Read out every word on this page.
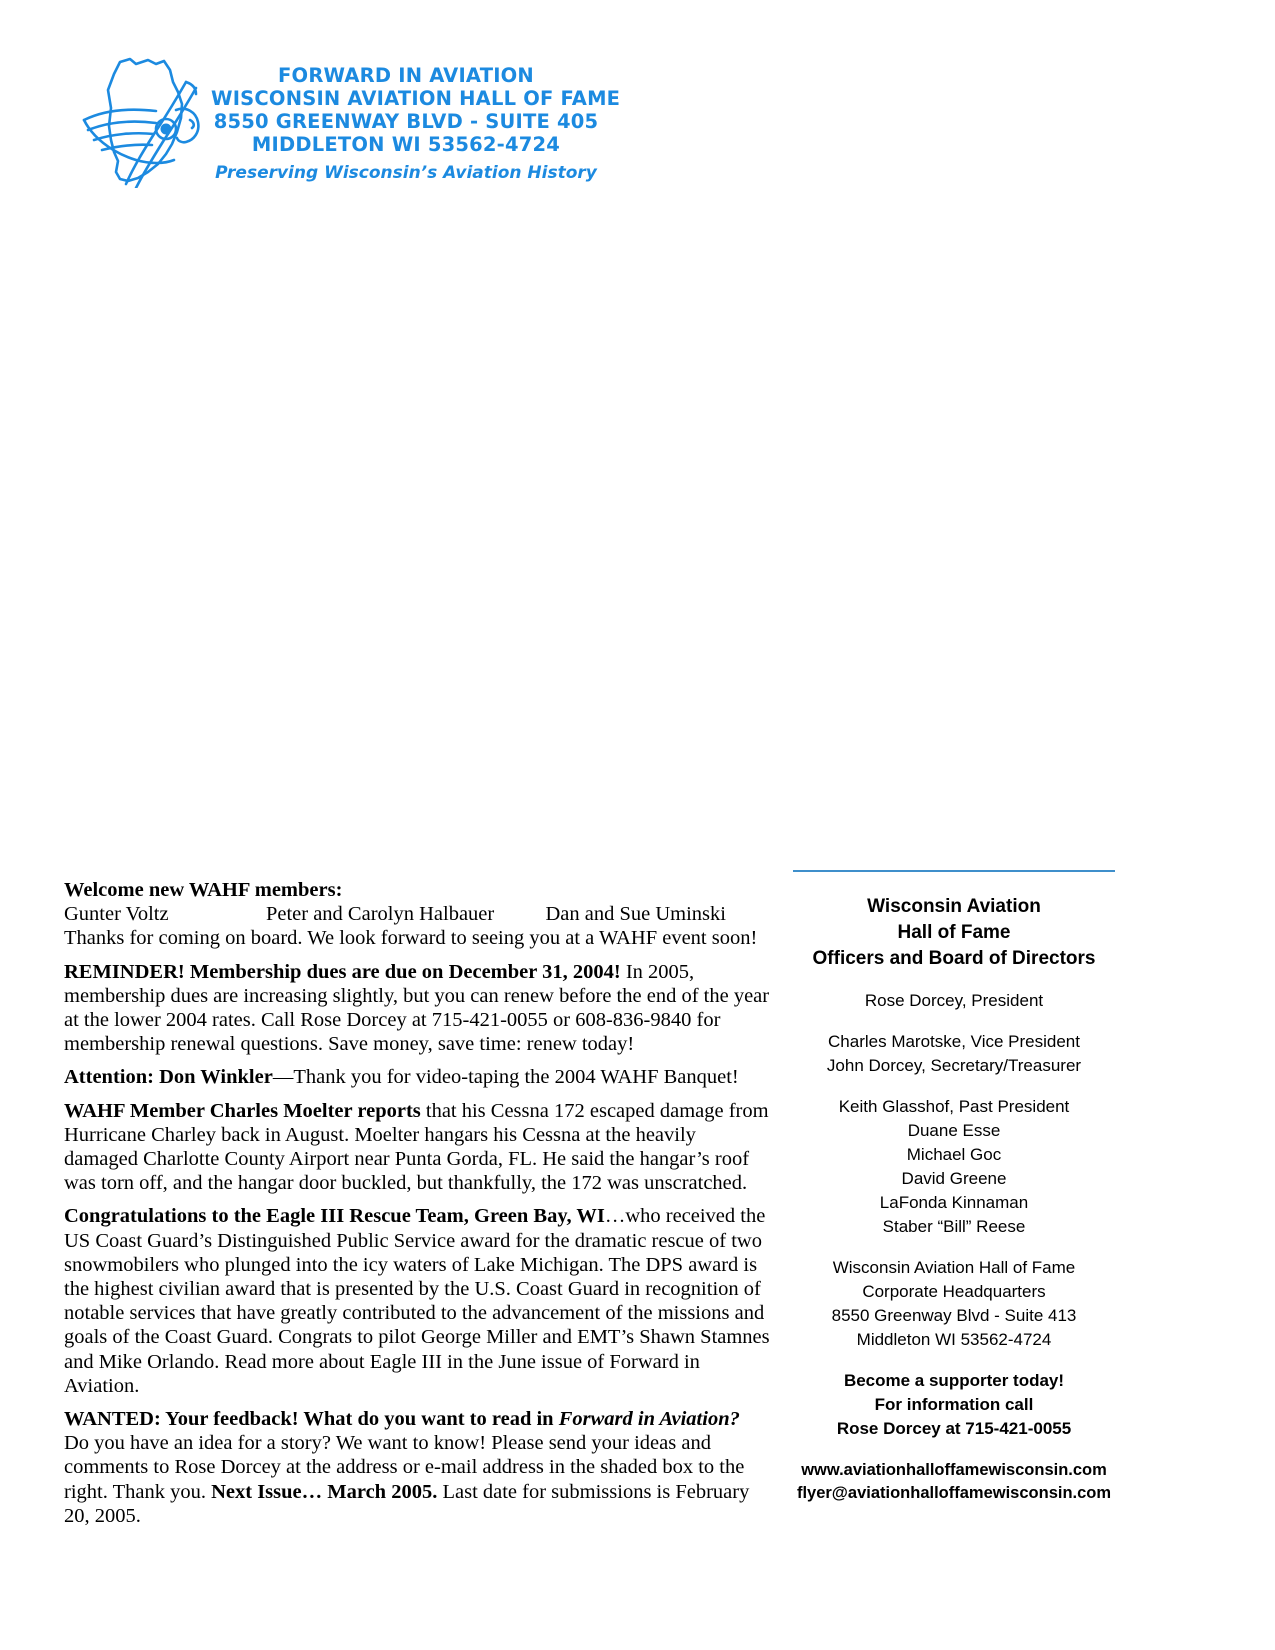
FORWARD IN AVIATION
WISCONSIN AVIATION HALL OF FAME
8550 GREENWAY BLVD - SUITE 405
MIDDLETON WI 53562-4724
Preserving Wisconsin’s Aviation History

Welcome new WAHF members:

Gunter Voltz                   Peter and Carolyn Halbauer          Dan and Sue Uminski

Thanks for coming on board. We look forward to seeing you at a WAHF event soon!

REMINDER! Membership dues are due on December 31, 2004! In 2005, membership dues are increasing slightly, but you can renew before the end of the year at the lower 2004 rates. Call Rose Dorcey at 715-421-0055 or 608-836-9840 for membership renewal questions. Save money, save time: renew today!

Attention: Don Winkler—Thank you for video-taping the 2004 WAHF Banquet!

WAHF Member Charles Moelter reports that his Cessna 172 escaped damage from Hurricane Charley back in August. Moelter hangars his Cessna at the heavily damaged Charlotte County Airport near Punta Gorda, FL. He said the hangar’s roof was torn off, and the hangar door buckled, but thankfully, the 172 was unscratched.

Congratulations to the Eagle III Rescue Team, Green Bay, WI…who received the US Coast Guard’s Distinguished Public Service award for the dramatic rescue of two snowmobilers who plunged into the icy waters of Lake Michigan. The DPS award is the highest civilian award that is presented by the U.S. Coast Guard in recognition of notable services that have greatly contributed to the advancement of the missions and goals of the Coast Guard. Congrats to pilot George Miller and EMT’s Shawn Stamnes and Mike Orlando. Read more about Eagle III in the June issue of Forward in Aviation.

WANTED: Your feedback! What do you want to read in Forward in Aviation? Do you have an idea for a story? We want to know! Please send your ideas and comments to Rose Dorcey at the address or e-mail address in the shaded box to the right. Thank you. Next Issue… March 2005. Last date for submissions is February 20, 2005.

Wisconsin Aviation
Hall of Fame
Officers and Board of Directors
Rose Dorcey, President
Charles Marotske, Vice President
John Dorcey, Secretary/Treasurer
Keith Glasshof, Past President
Duane Esse
Michael Goc
David Greene
LaFonda Kinnaman
Staber “Bill” Reese
Wisconsin Aviation Hall of Fame
Corporate Headquarters
8550 Greenway Blvd - Suite 413
Middleton WI 53562-4724
Become a supporter today!
For information call
Rose Dorcey at 715-421-0055
www.aviationhalloffamewisconsin.com
flyer@aviationhalloffamewisconsin.com
